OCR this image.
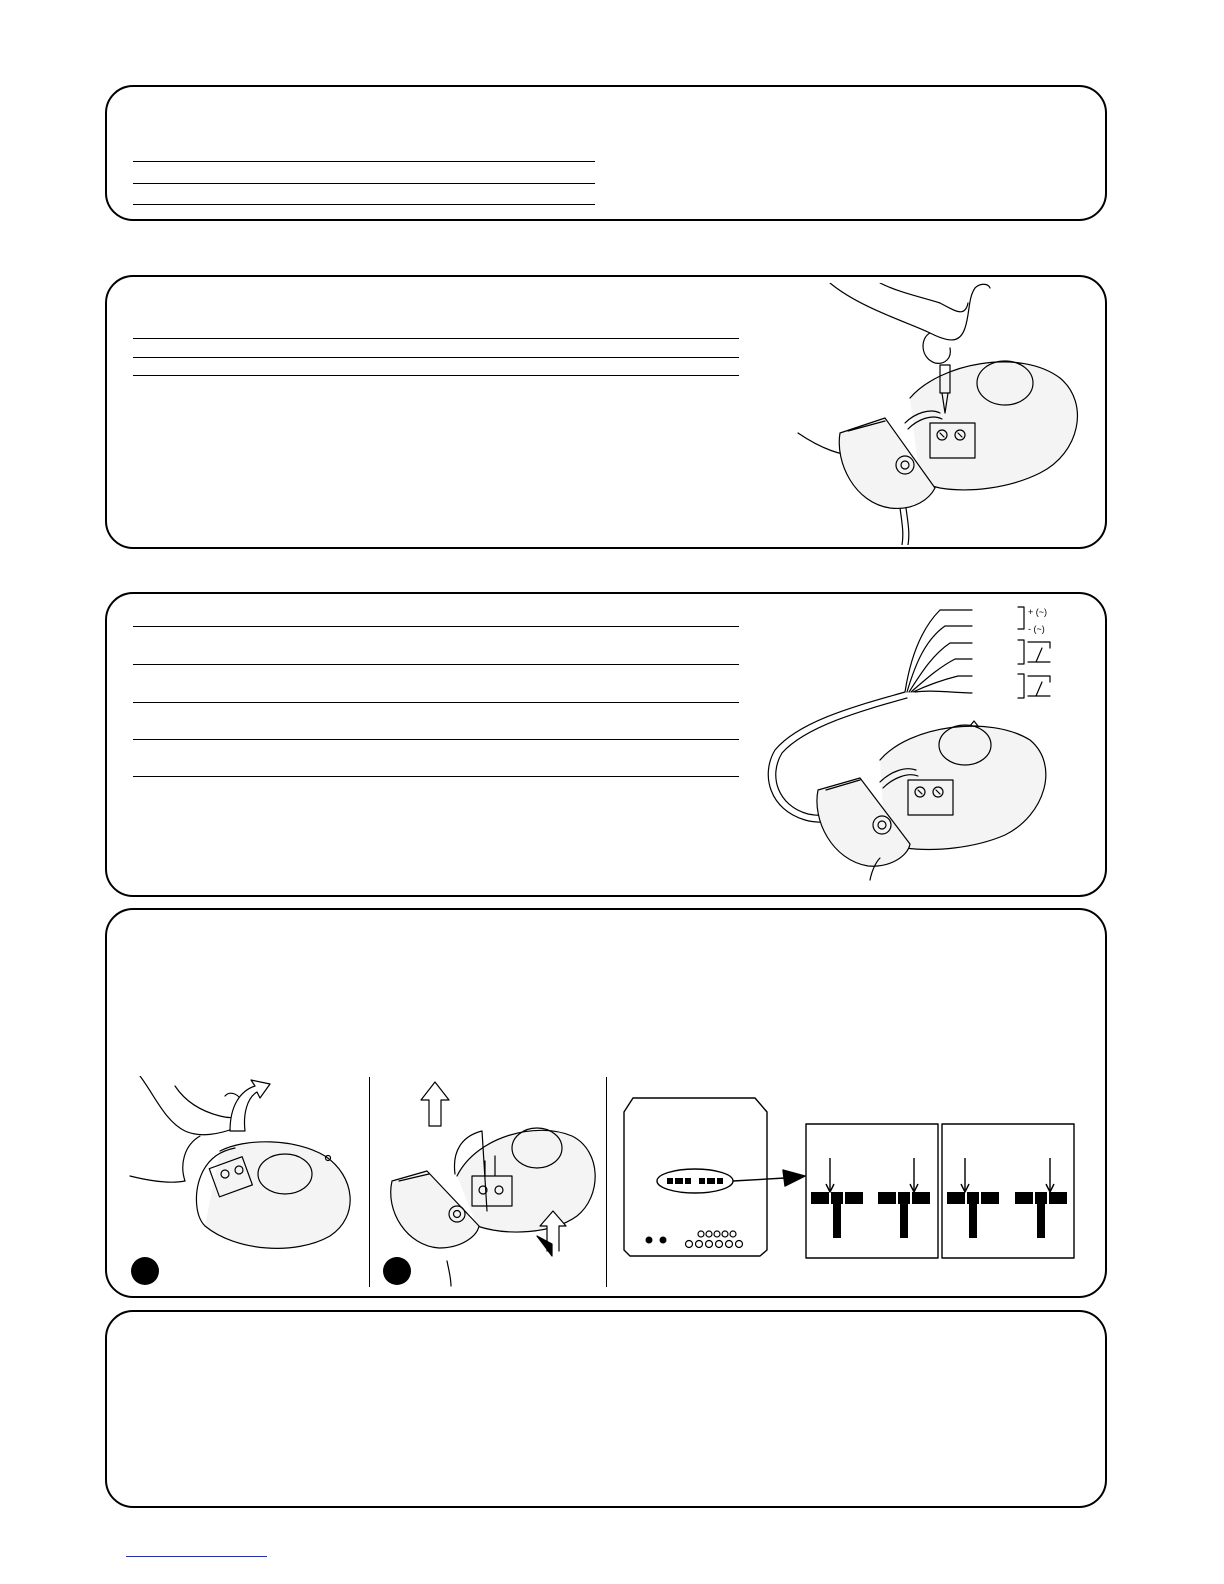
+ (~)
- (~)
